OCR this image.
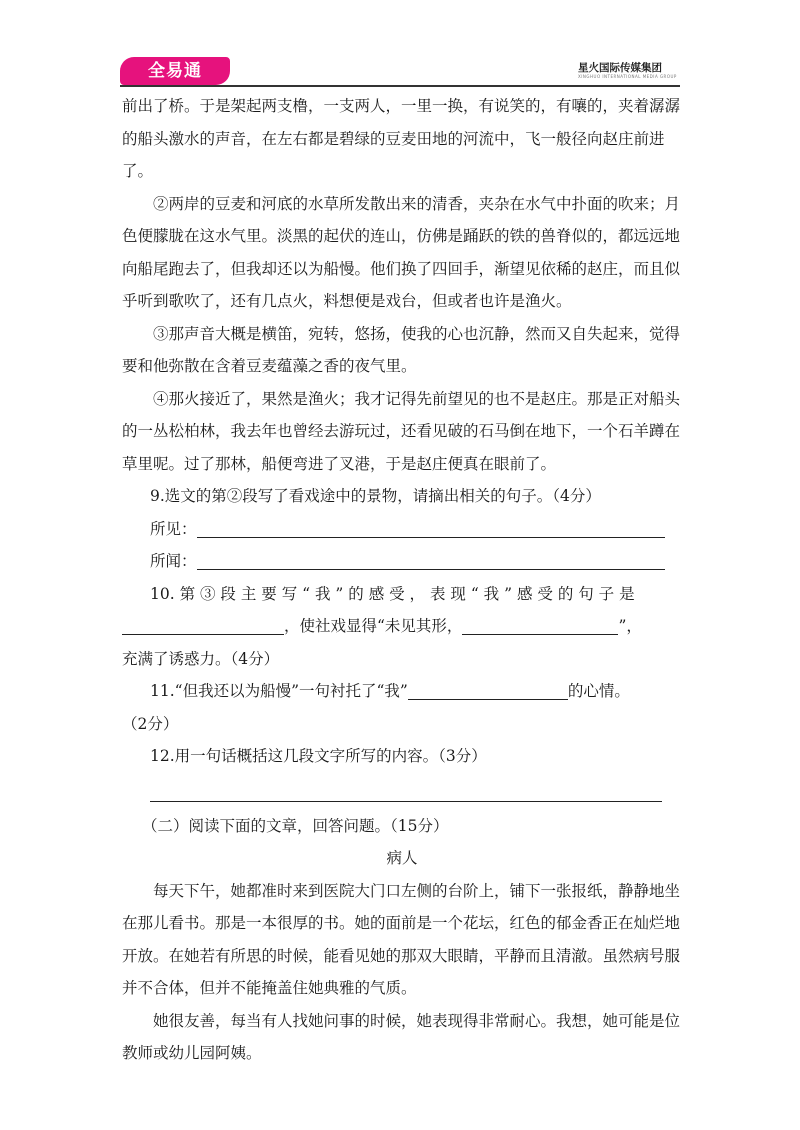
全易通	星火国际传媒集团
XINGHUO INTERNATIONAL MEDIA GROUP

前出了桥。于是架起两支橹，一支两人，一里一换，有说笑的，有嚷的，夹着潺潺的船头激水的声音，在左右都是碧绿的豆麦田地的河流中，飞一般径向赵庄前进了。

②两岸的豆麦和河底的水草所发散出来的清香，夹杂在水气中扑面的吹来；月色便朦胧在这水气里。淡黑的起伏的连山，仿佛是踊跃的铁的兽脊似的，都远远地向船尾跑去了，但我却还以为船慢。他们换了四回手，渐望见依稀的赵庄，而且似乎听到歌吹了，还有几点火，料想便是戏台，但或者也许是渔火。

③那声音大概是横笛，宛转，悠扬，使我的心也沉静，然而又自失起来，觉得要和他弥散在含着豆麦蕴藻之香的夜气里。

④那火接近了，果然是渔火；我才记得先前望见的也不是赵庄。那是正对船头的一丛松柏林，我去年也曾经去游玩过，还看见破的石马倒在地下，一个石羊蹲在草里呢。过了那林，船便弯进了叉港，于是赵庄便真在眼前了。

9.选文的第②段写了看戏途中的景物，请摘出相关的句子。（4分）

所见：

所闻：

10. 第 ③ 段 主 要 写 “ 我 ” 的 感 受 ， 表 现 “ 我 ” 感 受 的 句 子 是

，使社戏显得“未见其形，	”，

充满了诱惑力。（4分）

11.“但我还以为船慢”一句衬托了“我”	的心情。

（2分）

12.用一句话概括这几段文字所写的内容。（3分）

（二）阅读下面的文章，回答问题。（15分）

病人

每天下午，她都准时来到医院大门口左侧的台阶上，铺下一张报纸，静静地坐在那儿看书。那是一本很厚的书。她的面前是一个花坛，红色的郁金香正在灿烂地开放。在她若有所思的时候，能看见她的那双大眼睛，平静而且清澈。虽然病号服并不合体，但并不能掩盖住她典雅的气质。

她很友善，每当有人找她问事的时候，她表现得非常耐心。我想，她可能是位教师或幼儿园阿姨。
